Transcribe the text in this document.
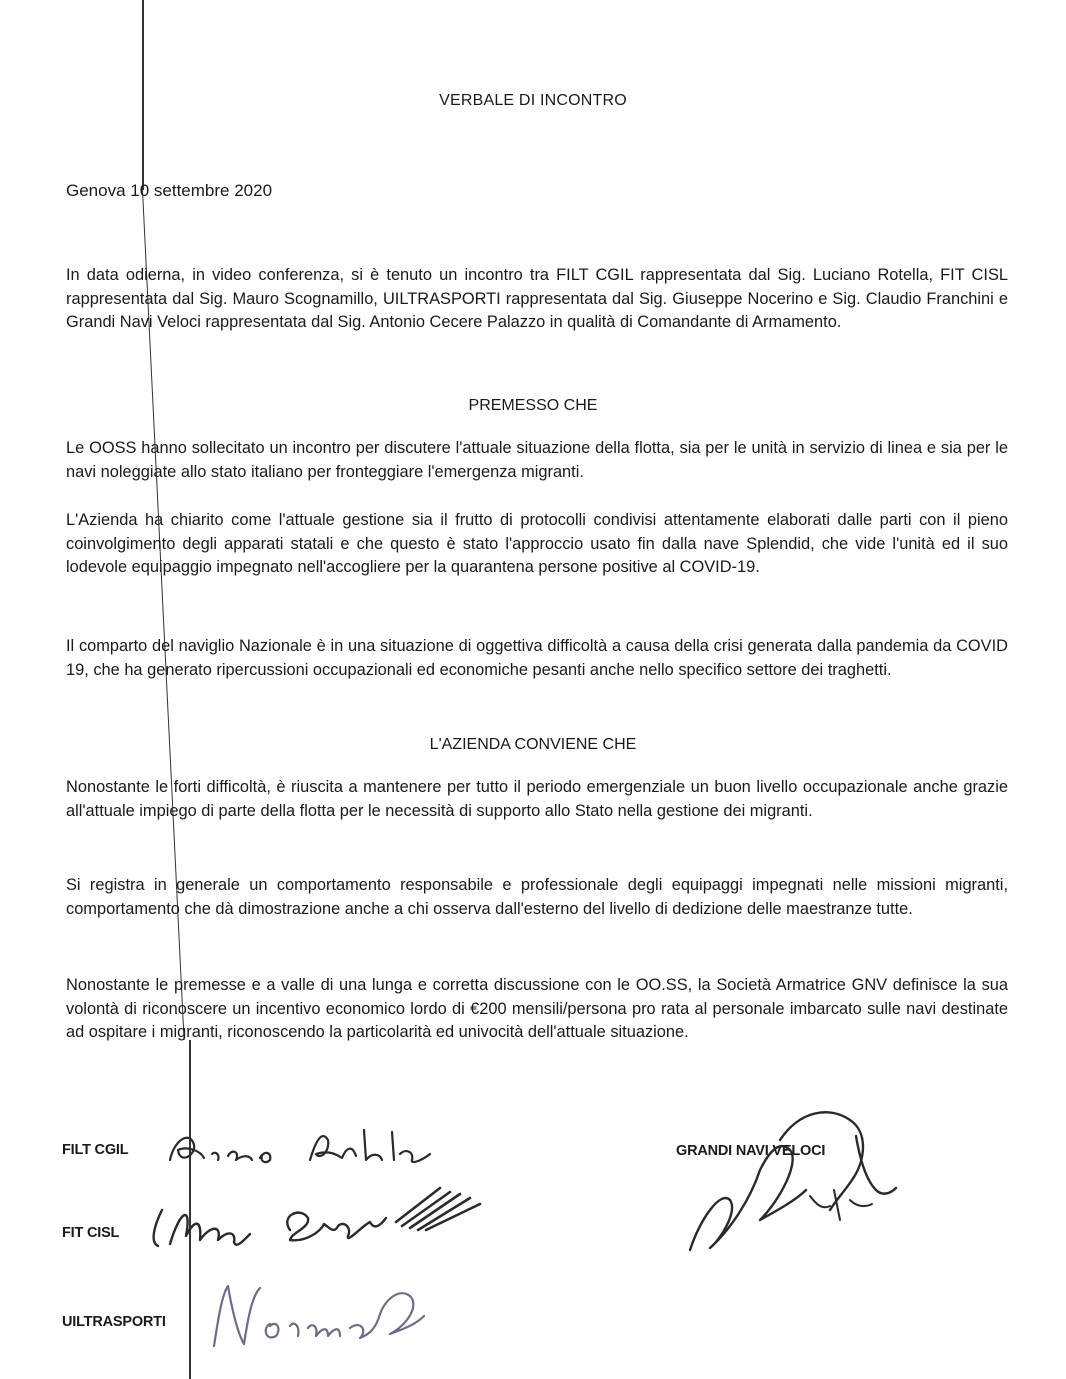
VERBALE DI INCONTRO
Genova 10 settembre 2020

In data odierna, in video conferenza, si è tenuto un incontro tra FILT CGIL rappresentata dal Sig. Luciano Rotella, FIT CISL rappresentata dal Sig. Mauro Scognamillo, UILTRASPORTI rappresentata dal Sig. Giuseppe Nocerino e Sig. Claudio Franchini e Grandi Navi Veloci rappresentata dal Sig. Antonio Cecere Palazzo in qualità di Comandante di Armamento.

PREMESSO CHE

Le OOSS hanno sollecitato un incontro per discutere l'attuale situazione della flotta, sia per le unità in servizio di linea e sia per le navi noleggiate allo stato italiano per fronteggiare l'emergenza migranti.

L'Azienda ha chiarito come l'attuale gestione sia il frutto di protocolli condivisi attentamente elaborati dalle parti con il pieno coinvolgimento degli apparati statali e che questo è stato l'approccio usato fin dalla nave Splendid, che vide l'unità ed il suo lodevole equipaggio impegnato nell'accogliere per la quarantena persone positive al COVID-19.

Il comparto del naviglio Nazionale è in una situazione di oggettiva difficoltà a causa della crisi generata dalla pandemia da COVID 19, che ha generato ripercussioni occupazionali ed economiche pesanti anche nello specifico settore dei traghetti.

L'AZIENDA CONVIENE CHE

Nonostante le forti difficoltà, è riuscita a mantenere per tutto il periodo emergenziale un buon livello occupazionale anche grazie all'attuale impiego di parte della flotta per le necessità di supporto allo Stato nella gestione dei migranti.

Si registra in generale un comportamento responsabile e professionale degli equipaggi impegnati nelle missioni migranti, comportamento che dà dimostrazione anche a chi osserva dall'esterno del livello di dedizione delle maestranze tutte.

Nonostante le premesse e a valle di una lunga e corretta discussione con le OO.SS, la Società Armatrice GNV definisce la sua volontà di riconoscere un incentivo economico lordo di €200 mensili/persona pro rata al personale imbarcato sulle navi destinate ad ospitare i migranti, riconoscendo la particolarità ed univocità dell'attuale situazione.

FILT CGIL
FIT CISL
UILTRASPORTI
GRANDI NAVI VELOCI
